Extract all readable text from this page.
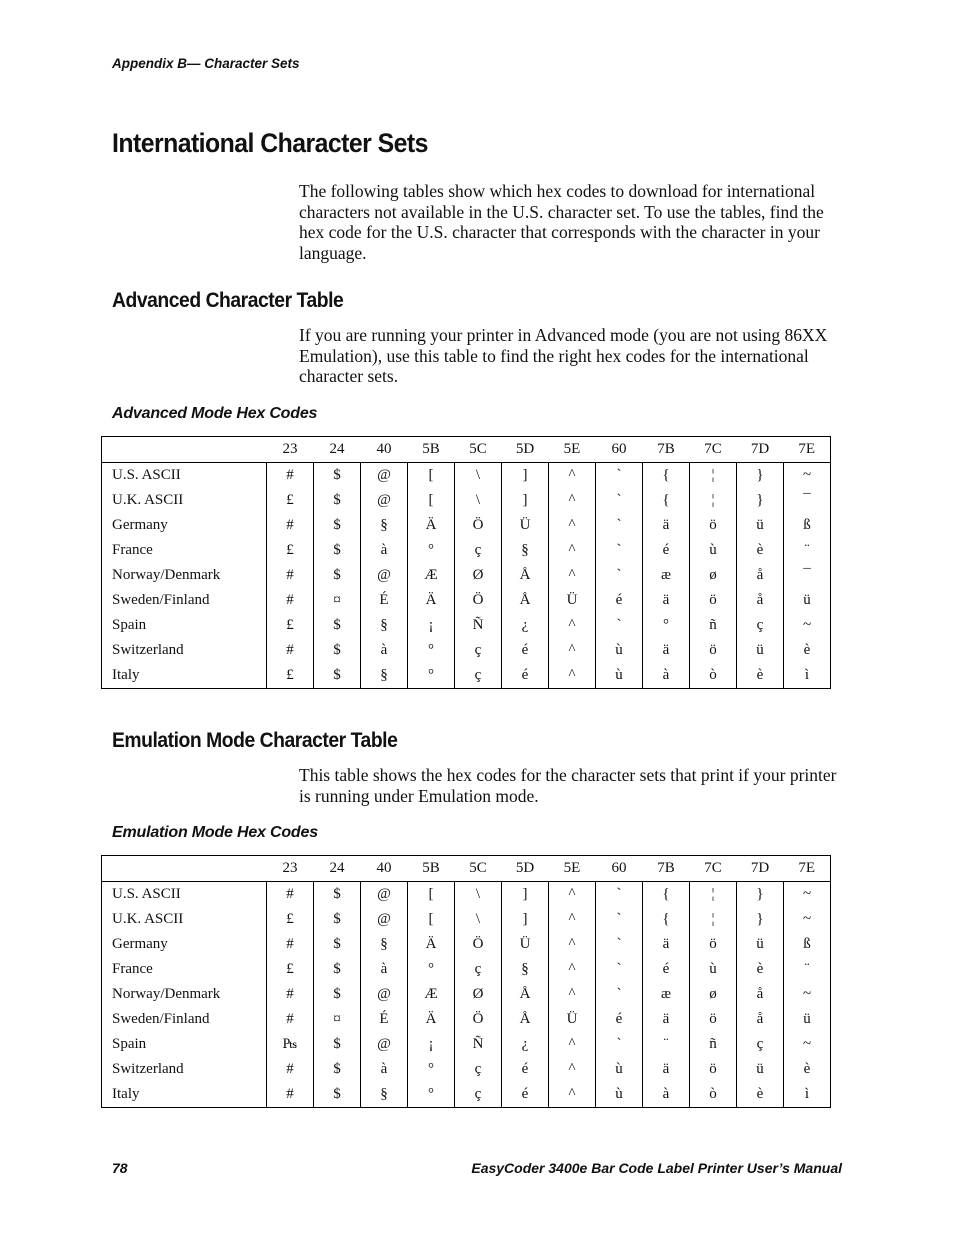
Appendix B— Character Sets
International Character Sets
The following tables show which hex codes to download for international characters not available in the U.S. character set. To use the tables, find the hex code for the U.S. character that corresponds with the character in your language.
Advanced Character Table
If you are running your printer in Advanced mode (you are not using 86XX Emulation), use this table to find the right hex codes for the international character sets.
Advanced Mode Hex Codes
	23	24	40	5B	5C	5D	5E	60	7B	7C	7D	7E
U.S. ASCII	#	$	@	[	\	]	^	`	{	¦	}	~
U.K. ASCII	£	$	@	[	\	]	^	`	{	¦	}	¯
Germany	#	$	§	Ä	Ö	Ü	^	`	ä	ö	ü	ß
France	£	$	à	°	ç	§	^	`	é	ù	è	¨
Norway/Denmark	#	$	@	Æ	Ø	Å	^	`	æ	ø	å	¯
Sweden/Finland	#	¤	É	Ä	Ö	Å	Ü	é	ä	ö	å	ü
Spain	£	$	§	¡	Ñ	¿	^	`	°	ñ	ç	~
Switzerland	#	$	à	°	ç	é	^	ù	ä	ö	ü	è
Italy	£	$	§	°	ç	é	^	ù	à	ò	è	ì
Emulation Mode Character Table
This table shows the hex codes for the character sets that print if your printer is running under Emulation mode.
Emulation Mode Hex Codes
	23	24	40	5B	5C	5D	5E	60	7B	7C	7D	7E
U.S. ASCII	#	$	@	[	\	]	^	`	{	¦	}	~
U.K. ASCII	£	$	@	[	\	]	^	`	{	¦	}	~
Germany	#	$	§	Ä	Ö	Ü	^	`	ä	ö	ü	ß
France	£	$	à	°	ç	§	^	`	é	ù	è	¨
Norway/Denmark	#	$	@	Æ	Ø	Å	^	`	æ	ø	å	~
Sweden/Finland	#	¤	É	Ä	Ö	Å	Ü	é	ä	ö	å	ü
Spain	₧	$	@	¡	Ñ	¿	^	`	¨	ñ	ç	~
Switzerland	#	$	à	°	ç	é	^	ù	ä	ö	ü	è
Italy	#	$	§	°	ç	é	^	ù	à	ò	è	ì
78	EasyCoder 3400e Bar Code Label Printer User’s Manual
